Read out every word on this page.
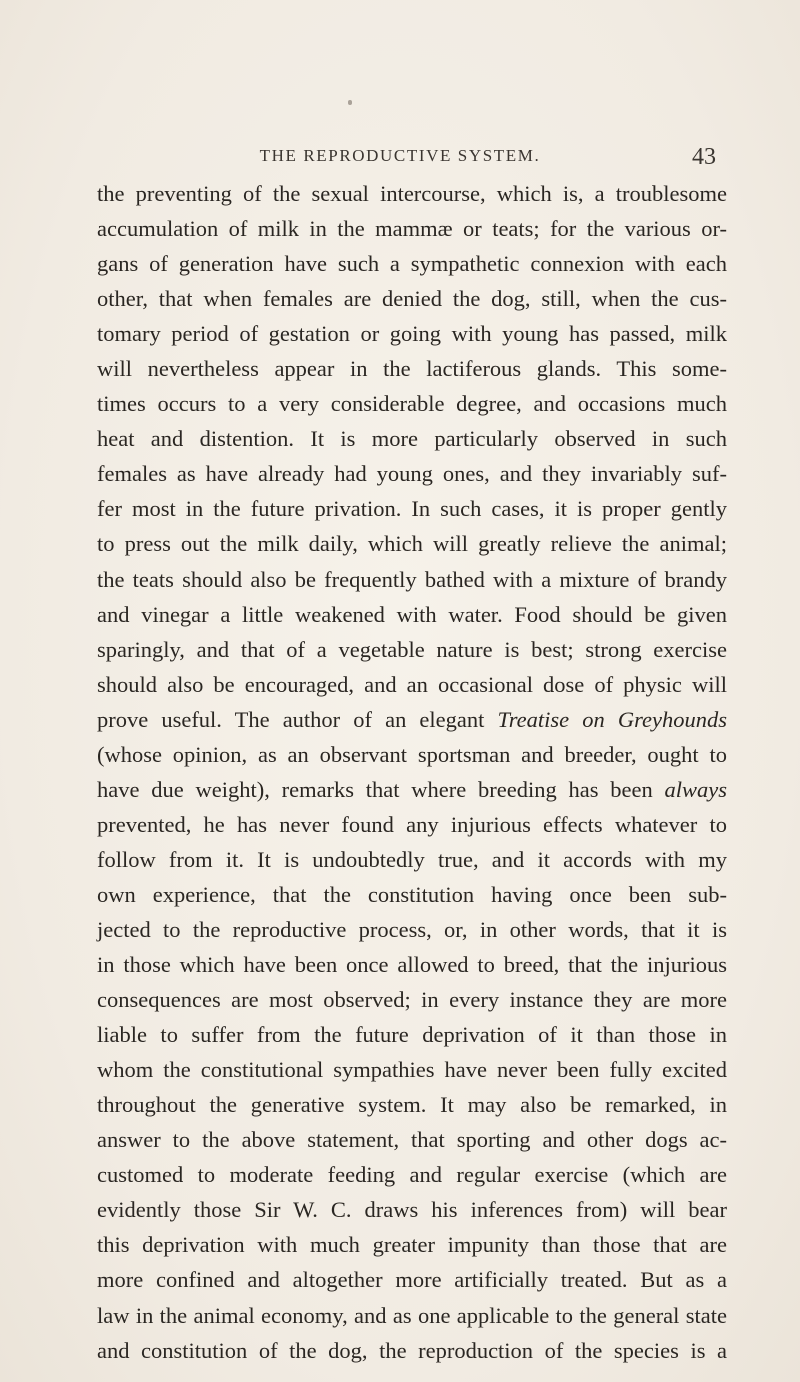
THE REPRODUCTIVE SYSTEM.	43
the preventing of the sexual intercourse, which is, a troublesome
accumulation of milk in the mammæ or teats; for the various or-
gans of generation have such a sympathetic connexion with each
other, that when females are denied the dog, still, when the cus-
tomary period of gestation or going with young has passed, milk
will nevertheless appear in the lactiferous glands. This some-
times occurs to a very considerable degree, and occasions much
heat and distention. It is more particularly observed in such
females as have already had young ones, and they invariably suf-
fer most in the future privation. In such cases, it is proper gently
to press out the milk daily, which will greatly relieve the animal;
the teats should also be frequently bathed with a mixture of brandy
and vinegar a little weakened with water. Food should be given
sparingly, and that of a vegetable nature is best; strong exercise
should also be encouraged, and an occasional dose of physic will
prove useful. The author of an elegant Treatise on Greyhounds
(whose opinion, as an observant sportsman and breeder, ought to
have due weight), remarks that where breeding has been always
prevented, he has never found any injurious effects whatever to
follow from it. It is undoubtedly true, and it accords with my
own experience, that the constitution having once been sub-
jected to the reproductive process, or, in other words, that it is
in those which have been once allowed to breed, that the injurious
consequences are most observed; in every instance they are more
liable to suffer from the future deprivation of it than those in
whom the constitutional sympathies have never been fully excited
throughout the generative system. It may also be remarked, in
answer to the above statement, that sporting and other dogs ac-
customed to moderate feeding and regular exercise (which are
evidently those Sir W. C. draws his inferences from) will bear
this deprivation with much greater impunity than those that are
more confined and altogether more artificially treated. But as a
law in the animal economy, and as one applicable to the general state
and constitution of the dog, the reproduction of the species is a
